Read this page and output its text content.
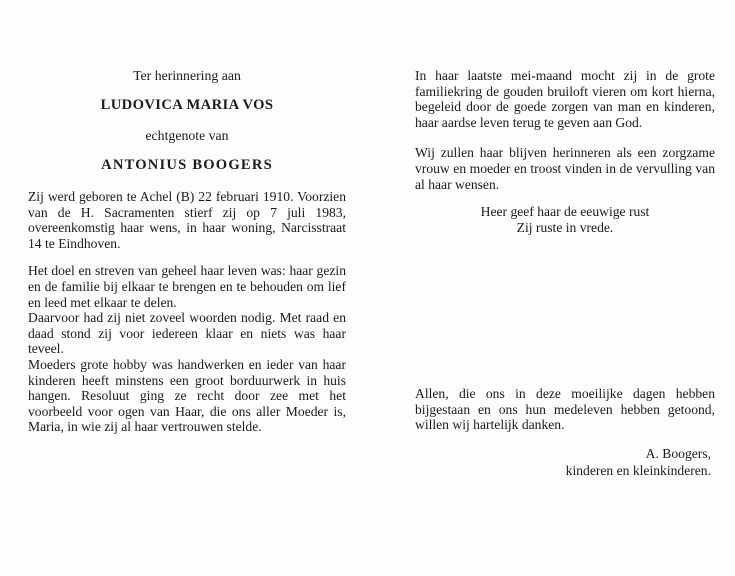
Ter herinnering aan

LUDOVICA MARIA VOS

echtgenote van

ANTONIUS BOOGERS

Zij werd geboren te Achel (B) 22 februari 1910. Voorzien van de H. Sacramenten stierf zij op 7 juli 1983, overeenkomstig haar wens, in haar woning, Narcisstraat 14 te Eindhoven.

Het doel en streven van geheel haar leven was: haar gezin en de familie bij elkaar te brengen en te behouden om lief en leed met elkaar te delen.

Daarvoor had zij niet zoveel woorden nodig. Met raad en daad stond zij voor iedereen klaar en niets was haar teveel.

Moeders grote hobby was handwerken en ieder van haar kinderen heeft minstens een groot borduurwerk in huis hangen. Resoluut ging ze recht door zee met het voorbeeld voor ogen van Haar, die ons aller Moeder is, Maria, in wie zij al haar vertrouwen stelde.

In haar laatste mei-maand mocht zij in de grote familiekring de gouden bruiloft vieren om kort hierna, begeleid door de goede zorgen van man en kinderen, haar aardse leven terug te geven aan God.

Wij zullen haar blijven herinneren als een zorgzame vrouw en moeder en troost vinden in de vervulling van al haar wensen.

Heer geef haar de eeuwige rust

Zij ruste in vrede.

Allen, die ons in deze moeilijke dagen hebben bijgestaan en ons hun medeleven hebben getoond, willen wij hartelijk danken.

A. Boogers,

kinderen en kleinkinderen.
